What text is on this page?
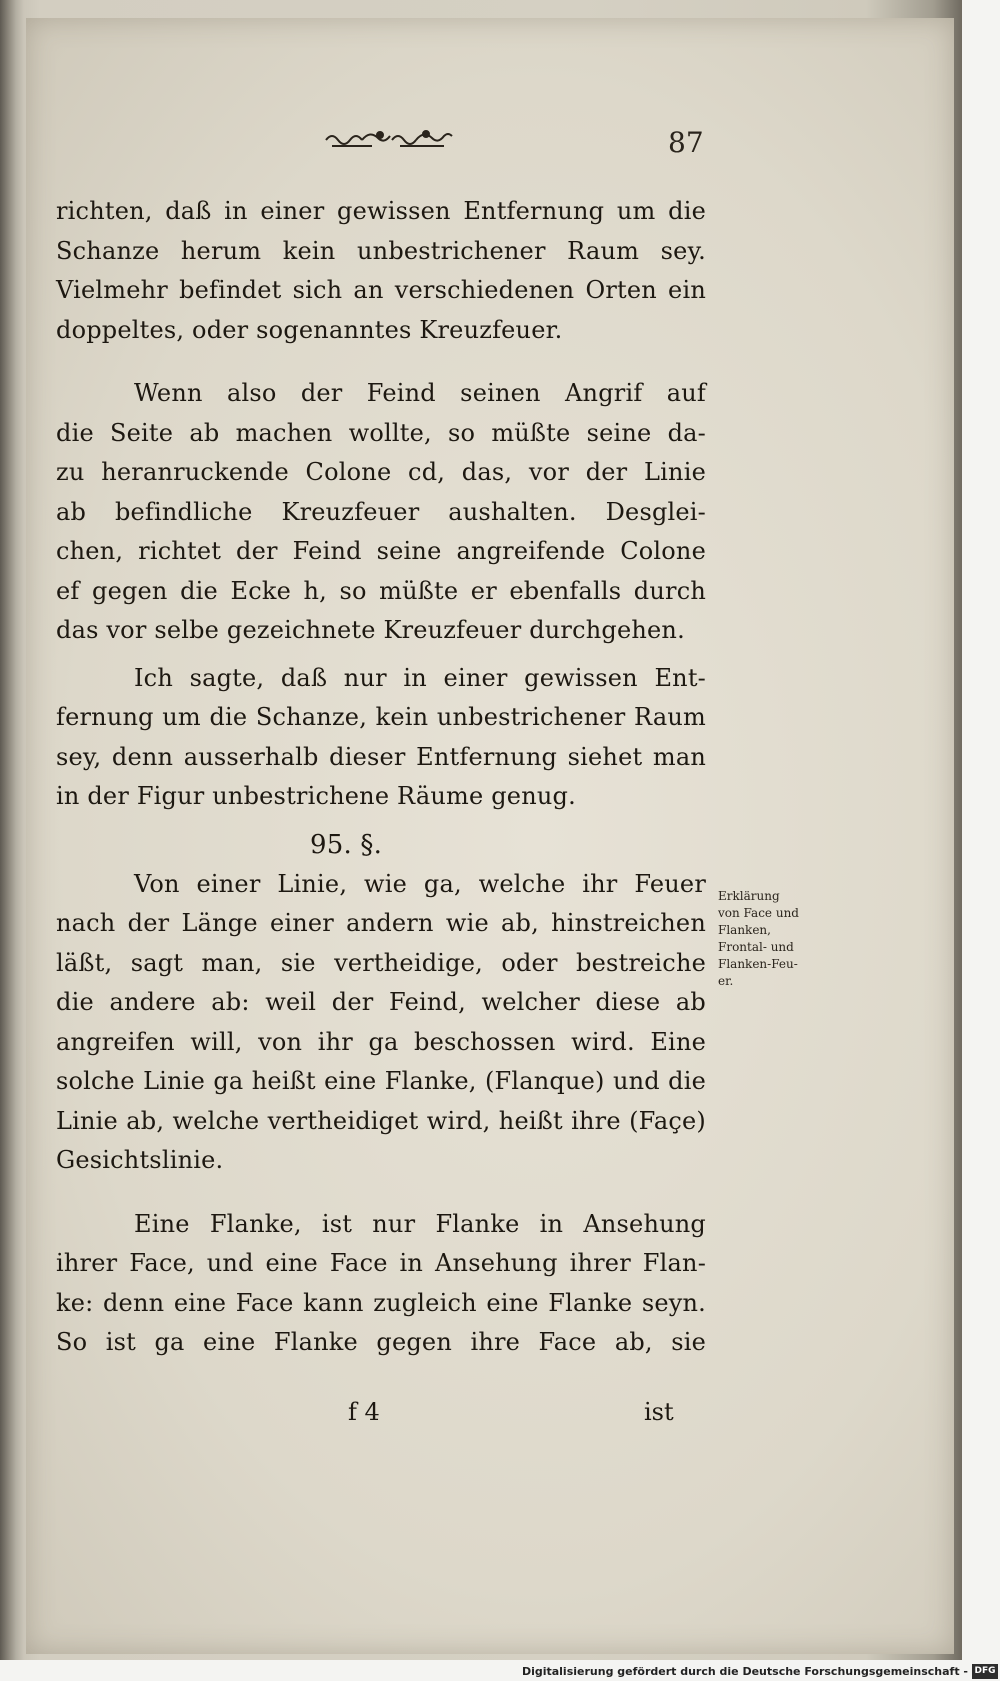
87
richten, daß in einer gewissen Entfernung um die
Schanze herum kein unbestrichener Raum sey.
Vielmehr befindet sich an verschiedenen Orten ein
doppeltes, oder sogenanntes Kreuzfeuer.
Wenn also der Feind seinen Angrif auf
die Seite ab machen wollte, so müßte seine da-
zu heranruckende Colone cd, das, vor der Linie
ab befindliche Kreuzfeuer aushalten. Desglei-
chen, richtet der Feind seine angreifende Colone
ef gegen die Ecke h, so müßte er ebenfalls durch
das vor selbe gezeichnete Kreuzfeuer durchgehen.
Ich sagte, daß nur in einer gewissen Ent-
fernung um die Schanze, kein unbestrichener Raum
sey, denn ausserhalb dieser Entfernung siehet man
in der Figur unbestrichene Räume genug.
95. §.
Von einer Linie, wie ga, welche ihr Feuer
nach der Länge einer andern wie ab, hinstreichen
läßt, sagt man, sie vertheidige, oder bestreiche
die andere ab: weil der Feind, welcher diese ab
angreifen will, von ihr ga beschossen wird. Eine
solche Linie ga heißt eine Flanke, (Flanque) und die
Linie ab, welche vertheidiget wird, heißt ihre (Façe)
Gesichtslinie.
Eine Flanke, ist nur Flanke in Ansehung
ihrer Face, und eine Face in Ansehung ihrer Flan-
ke: denn eine Face kann zugleich eine Flanke seyn.
So ist ga eine Flanke gegen ihre Face ab, sie
Erklärung
von Face und
Flanken,
Frontal- und
Flanken-Feu-
er.
f 4	ist
Digitalisierung gefördert durch die Deutsche Forschungsgemeinschaft - DFG
